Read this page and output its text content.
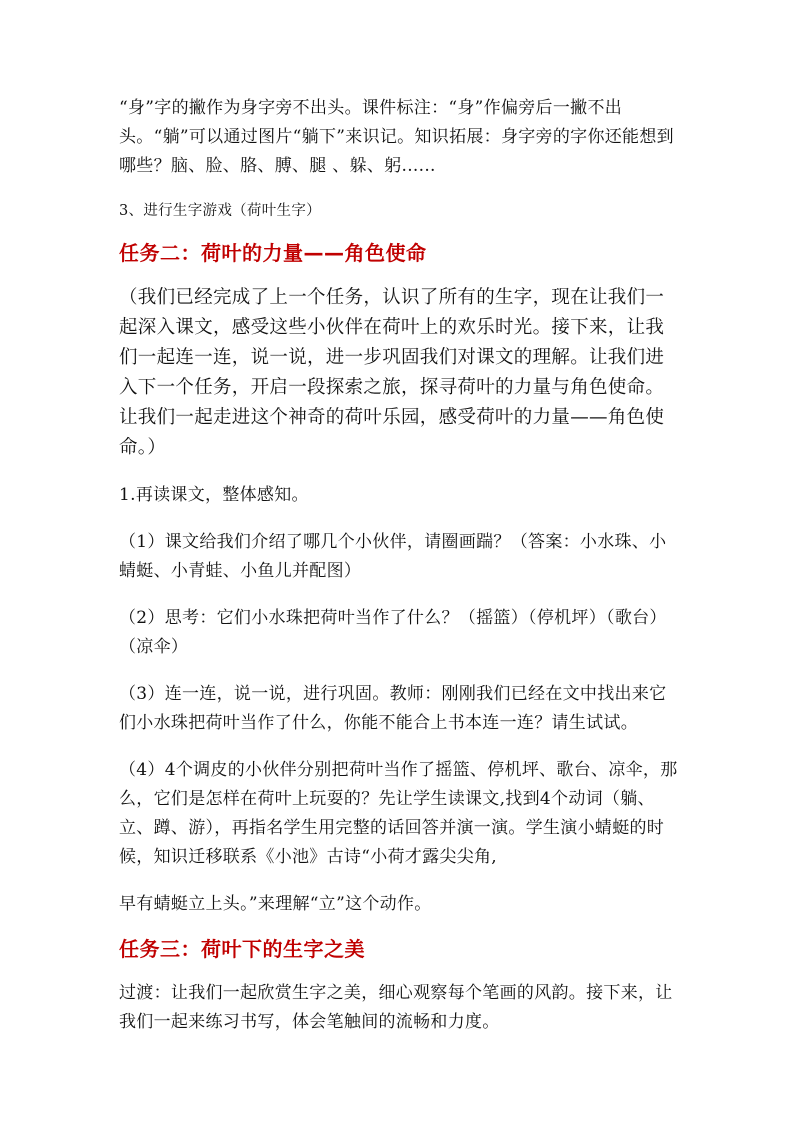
“身”字的撇作为身字旁不出头。课件标注：“身”作偏旁后一撇不出头。“躺”可以通过图片“躺下”来识记。知识拓展：身字旁的字你还能想到哪些？脑、脸、胳、膊、腿 、躲、躬......

3、进行生字游戏（荷叶生字）

任务二：荷叶的力量——角色使命

（我们已经完成了上一个任务，认识了所有的生字，现在让我们一起深入课文，感受这些小伙伴在荷叶上的欢乐时光。接下来，让我们一起连一连，说一说，进一步巩固我们对课文的理解。让我们进入下一个任务，开启一段探索之旅，探寻荷叶的力量与角色使命。让我们一起走进这个神奇的荷叶乐园，感受荷叶的力量——角色使命。）

1.再读课文，整体感知。

（1）课文给我们介绍了哪几个小伙伴，请圈画踹？（答案：小水珠、小蜻蜓、小青蛙、小鱼儿并配图）

（2）思考：它们小水珠把荷叶当作了什么？（摇篮）（停机坪）（歌台）（凉伞）

（3）连一连，说一说，进行巩固。教师：刚刚我们已经在文中找出来它们小水珠把荷叶当作了什么，你能不能合上书本连一连？请生试试。

（4）4个调皮的小伙伴分别把荷叶当作了摇篮、停机坪、歌台、凉伞，那么，它们是怎样在荷叶上玩耍的？先让学生读课文,找到4个动词（躺、立、蹲、游），再指名学生用完整的话回答并演一演。学生演小蜻蜓的时候，知识迁移联系《小池》古诗“小荷才露尖尖角,

早有蜻蜓立上头。”来理解“立”这个动作。

任务三：荷叶下的生字之美

过渡：让我们一起欣赏生字之美，细心观察每个笔画的风韵。接下来，让我们一起来练习书写，体会笔触间的流畅和力度。
